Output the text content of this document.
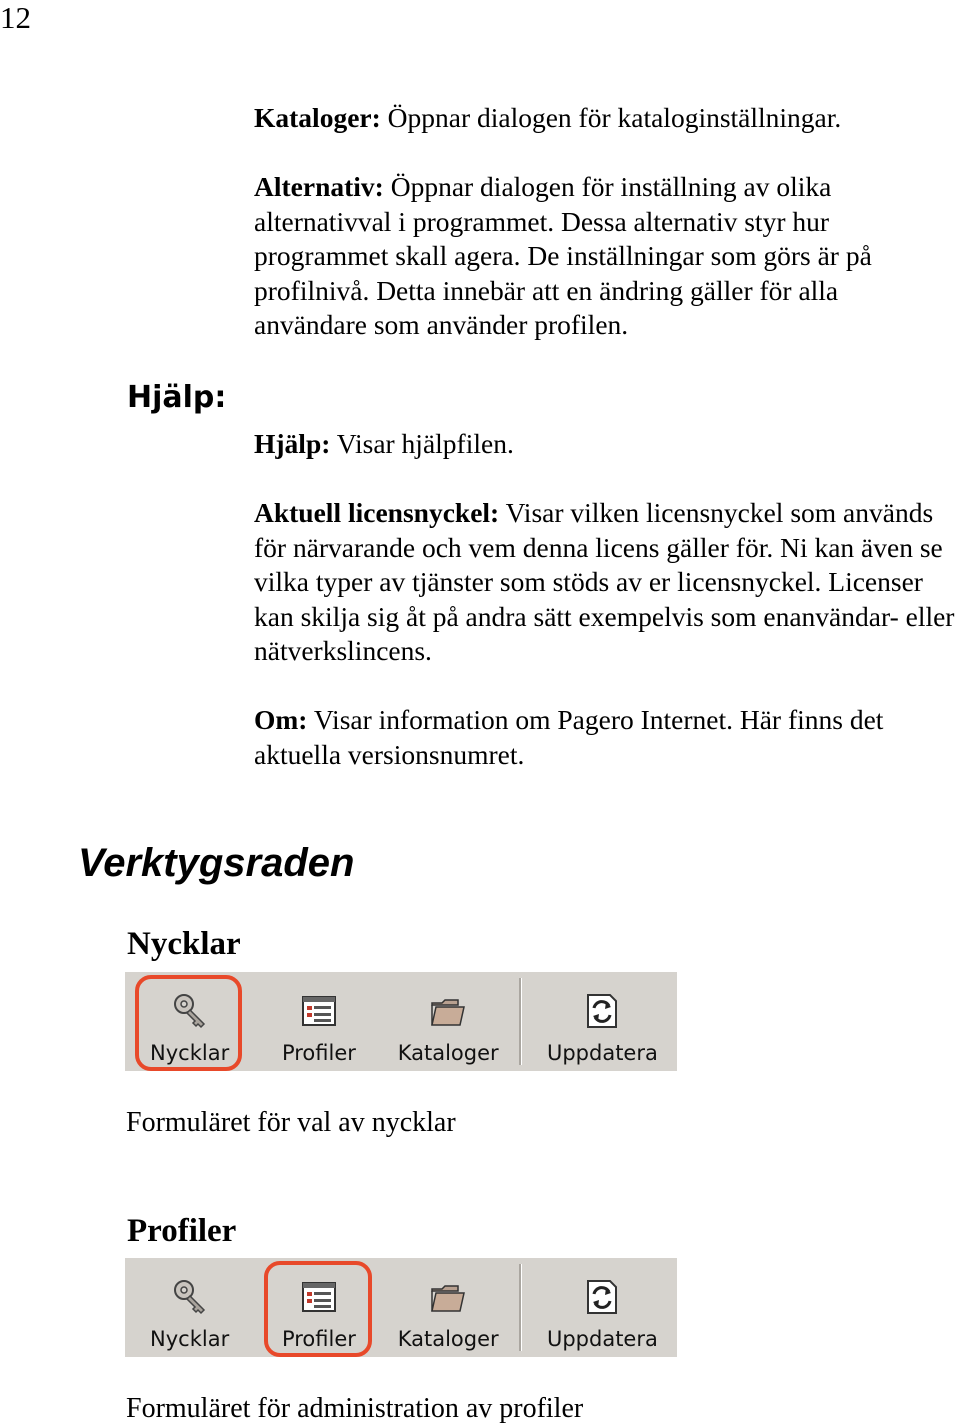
12
Kataloger: Öppnar dialogen för kataloginställningar.
Alternativ: Öppnar dialogen för inställning av olika alternativval i programmet. Dessa alternativ styr hur programmet skall agera. De inställningar som görs är på profilnivå. Detta innebär att en ändring gäller för alla användare som använder profilen.
Hjälp:
Hjälp: Visar hjälpfilen.
Aktuell licensnyckel: Visar vilken licensnyckel som används för närvarande och vem denna licens gäller för. Ni kan även se vilka typer av tjänster som stöds av er licensnyckel. Licenser kan skilja sig åt på andra sätt exempelvis som enanvändar- eller nätverkslincens.
Om: Visar information om Pagero Internet. Här finns det aktuella versionsnumret.
Verktygsraden
Nycklar
Nycklar	Profiler Kataloger Uppdatera
Formuläret för val av nycklar
Profiler
Nycklar	Profiler Kataloger Uppdatera
Formuläret för administration av profiler
